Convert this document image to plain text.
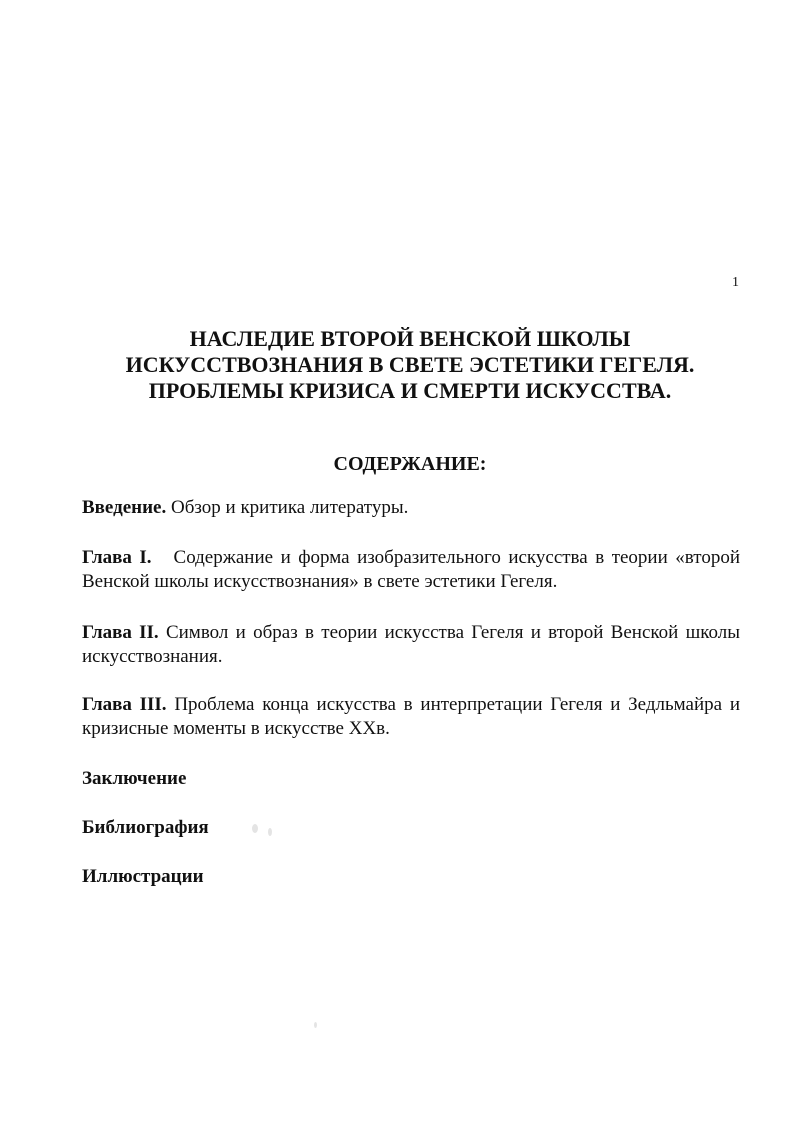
1
НАСЛЕДИЕ ВТОРОЙ ВЕНСКОЙ ШКОЛЫ
ИСКУССТВОЗНАНИЯ В СВЕТЕ ЭСТЕТИКИ ГЕГЕЛЯ.
ПРОБЛЕМЫ КРИЗИСА И СМЕРТИ ИСКУССТВА.
СОДЕРЖАНИЕ:
Введение. Обзор и критика литературы.
Глава I. Содержание и форма изобразительного искусства в теории «второй Венской школы искусствознания» в свете эстетики Гегеля.
Глава II. Символ и образ в теории искусства Гегеля и второй Венской школы искусствознания.
Глава III. Проблема конца искусства в интерпретации Гегеля и Зедльмайра и кризисные моменты в искусстве XXв.
Заключение
Библиография
Иллюстрации
